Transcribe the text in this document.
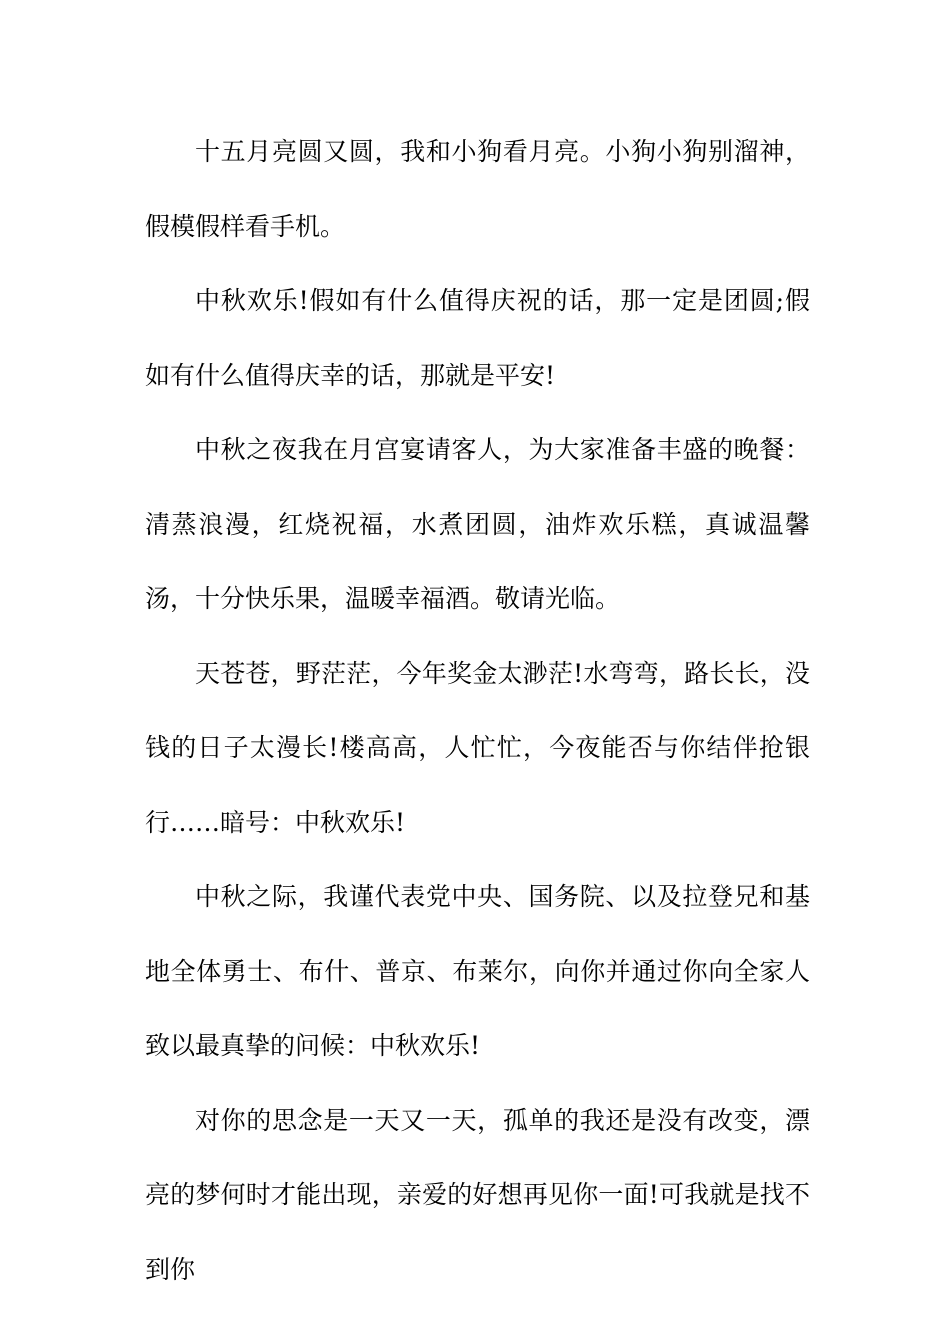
十五月亮圆又圆，我和小狗看月亮。小狗小狗别溜神，假模假样看手机。

中秋欢乐!假如有什么值得庆祝的话，那一定是团圆;假如有什么值得庆幸的话，那就是平安!

中秋之夜我在月宫宴请客人，为大家准备丰盛的晚餐：清蒸浪漫，红烧祝福，水煮团圆，油炸欢乐糕，真诚温馨汤，十分快乐果，温暖幸福酒。敬请光临。

天苍苍，野茫茫，今年奖金太渺茫!水弯弯，路长长，没钱的日子太漫长!楼高高，人忙忙，今夜能否与你结伴抢银行……暗号：中秋欢乐!

中秋之际，我谨代表党中央、国务院、以及拉登兄和基地全体勇士、布什、普京、布莱尔，向你并通过你向全家人致以最真挚的问候：中秋欢乐!

对你的思念是一天又一天，孤单的我还是没有改变，漂亮的梦何时才能出现，亲爱的好想再见你一面!可我就是找不到你
